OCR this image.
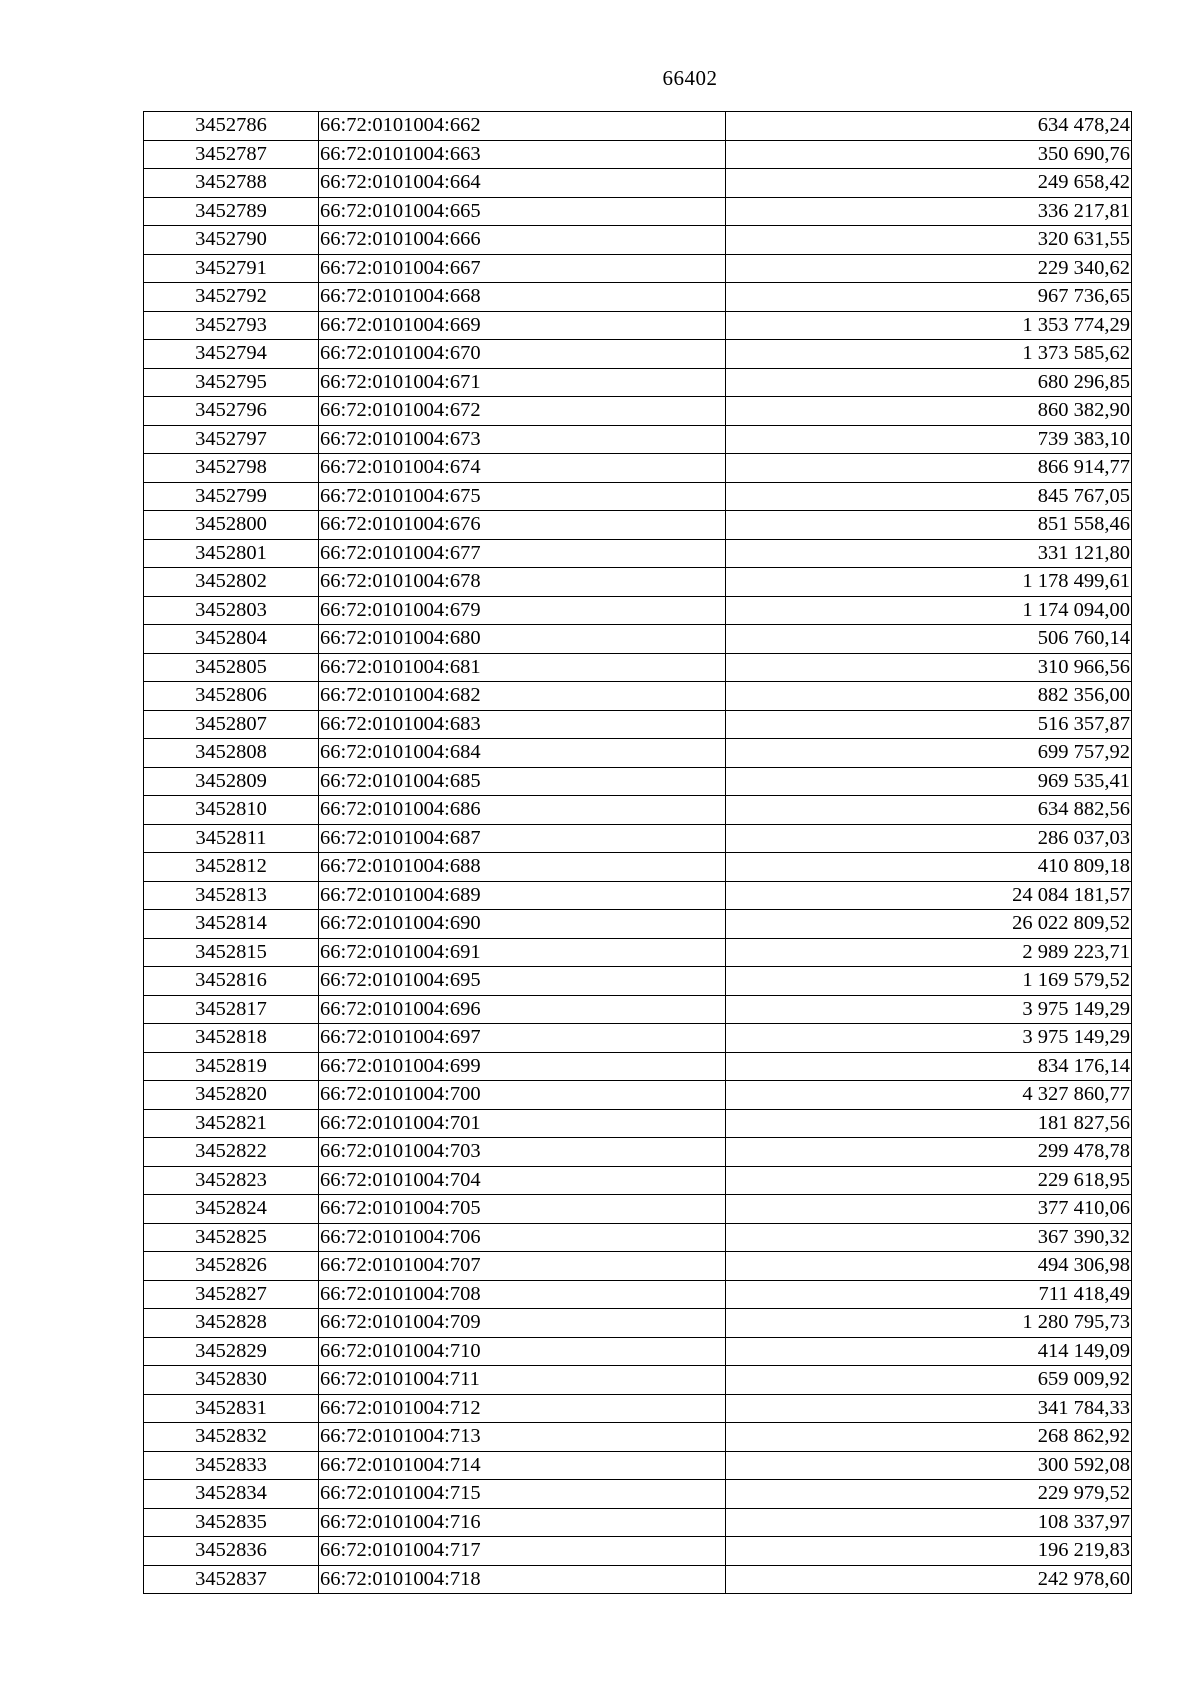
66402
3452786	66:72:0101004:662	634 478,24
3452787	66:72:0101004:663	350 690,76
3452788	66:72:0101004:664	249 658,42
3452789	66:72:0101004:665	336 217,81
3452790	66:72:0101004:666	320 631,55
3452791	66:72:0101004:667	229 340,62
3452792	66:72:0101004:668	967 736,65
3452793	66:72:0101004:669	1 353 774,29
3452794	66:72:0101004:670	1 373 585,62
3452795	66:72:0101004:671	680 296,85
3452796	66:72:0101004:672	860 382,90
3452797	66:72:0101004:673	739 383,10
3452798	66:72:0101004:674	866 914,77
3452799	66:72:0101004:675	845 767,05
3452800	66:72:0101004:676	851 558,46
3452801	66:72:0101004:677	331 121,80
3452802	66:72:0101004:678	1 178 499,61
3452803	66:72:0101004:679	1 174 094,00
3452804	66:72:0101004:680	506 760,14
3452805	66:72:0101004:681	310 966,56
3452806	66:72:0101004:682	882 356,00
3452807	66:72:0101004:683	516 357,87
3452808	66:72:0101004:684	699 757,92
3452809	66:72:0101004:685	969 535,41
3452810	66:72:0101004:686	634 882,56
3452811	66:72:0101004:687	286 037,03
3452812	66:72:0101004:688	410 809,18
3452813	66:72:0101004:689	24 084 181,57
3452814	66:72:0101004:690	26 022 809,52
3452815	66:72:0101004:691	2 989 223,71
3452816	66:72:0101004:695	1 169 579,52
3452817	66:72:0101004:696	3 975 149,29
3452818	66:72:0101004:697	3 975 149,29
3452819	66:72:0101004:699	834 176,14
3452820	66:72:0101004:700	4 327 860,77
3452821	66:72:0101004:701	181 827,56
3452822	66:72:0101004:703	299 478,78
3452823	66:72:0101004:704	229 618,95
3452824	66:72:0101004:705	377 410,06
3452825	66:72:0101004:706	367 390,32
3452826	66:72:0101004:707	494 306,98
3452827	66:72:0101004:708	711 418,49
3452828	66:72:0101004:709	1 280 795,73
3452829	66:72:0101004:710	414 149,09
3452830	66:72:0101004:711	659 009,92
3452831	66:72:0101004:712	341 784,33
3452832	66:72:0101004:713	268 862,92
3452833	66:72:0101004:714	300 592,08
3452834	66:72:0101004:715	229 979,52
3452835	66:72:0101004:716	108 337,97
3452836	66:72:0101004:717	196 219,83
3452837	66:72:0101004:718	242 978,60
